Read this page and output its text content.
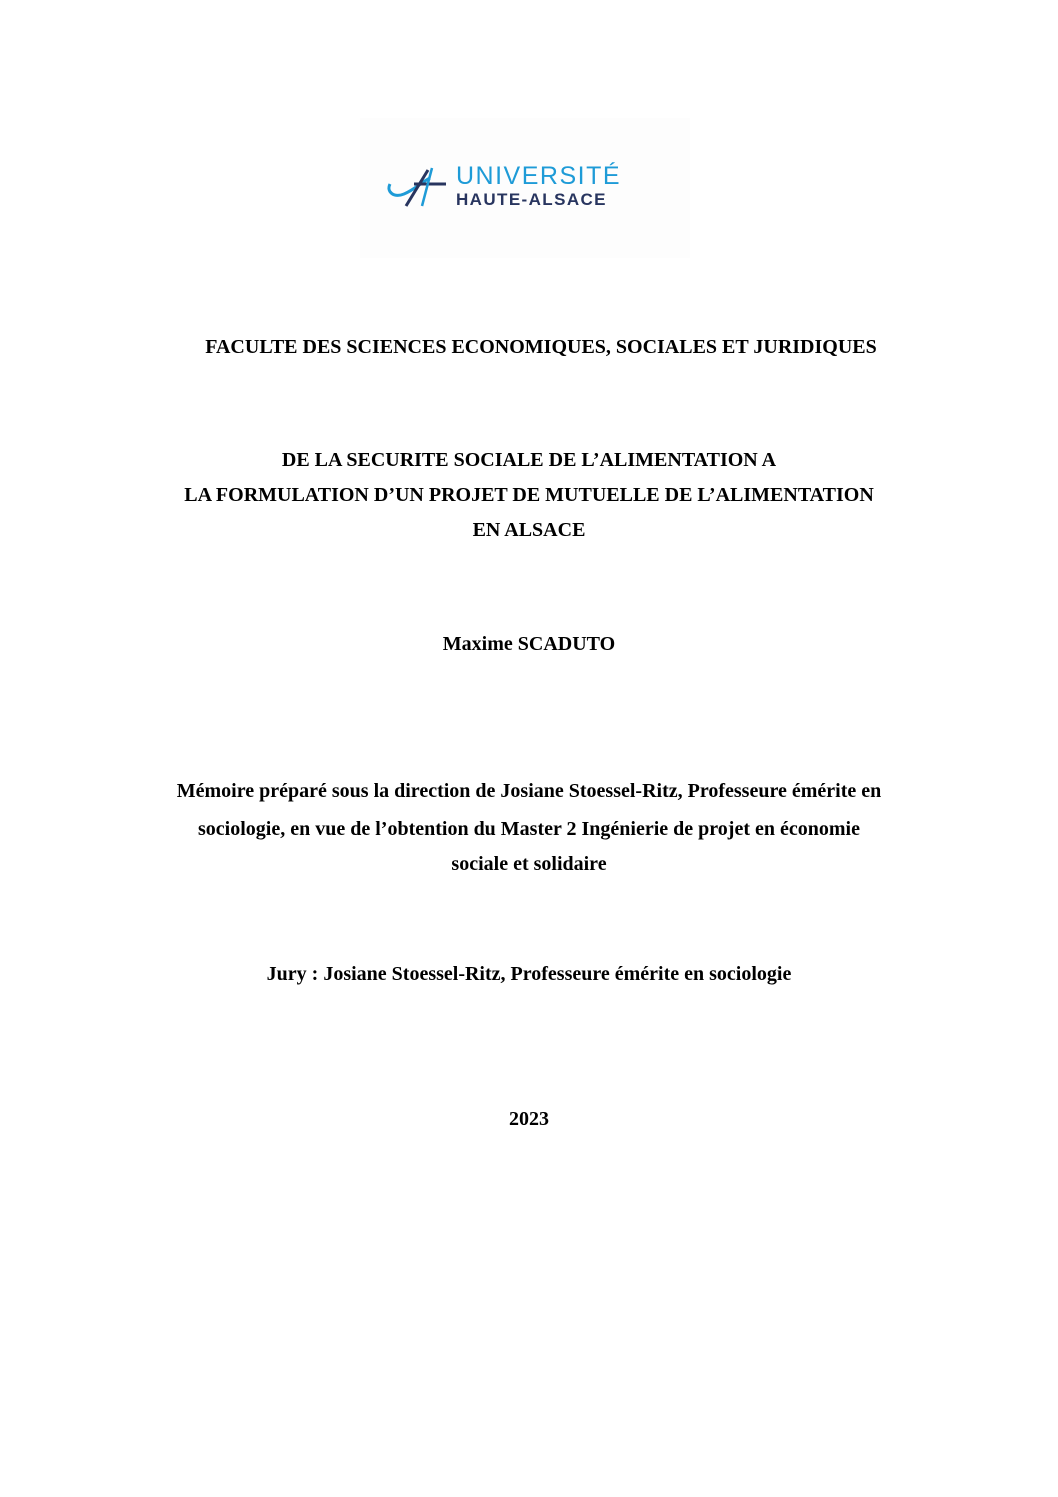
UNIVERSITÉ
HAUTE-ALSACE
FACULTE DES SCIENCES ECONOMIQUES, SOCIALES ET JURIDIQUES
DE LA SECURITE SOCIALE DE L’ALIMENTATION A
LA FORMULATION D’UN PROJET DE MUTUELLE DE L’ALIMENTATION
EN ALSACE
Maxime SCADUTO
Mémoire préparé sous la direction de Josiane Stoessel-Ritz, Professeure émérite en
sociologie, en vue de l’obtention du Master 2 Ingénierie de projet en économie
sociale et solidaire
Jury : Josiane Stoessel-Ritz, Professeure émérite en sociologie
2023
